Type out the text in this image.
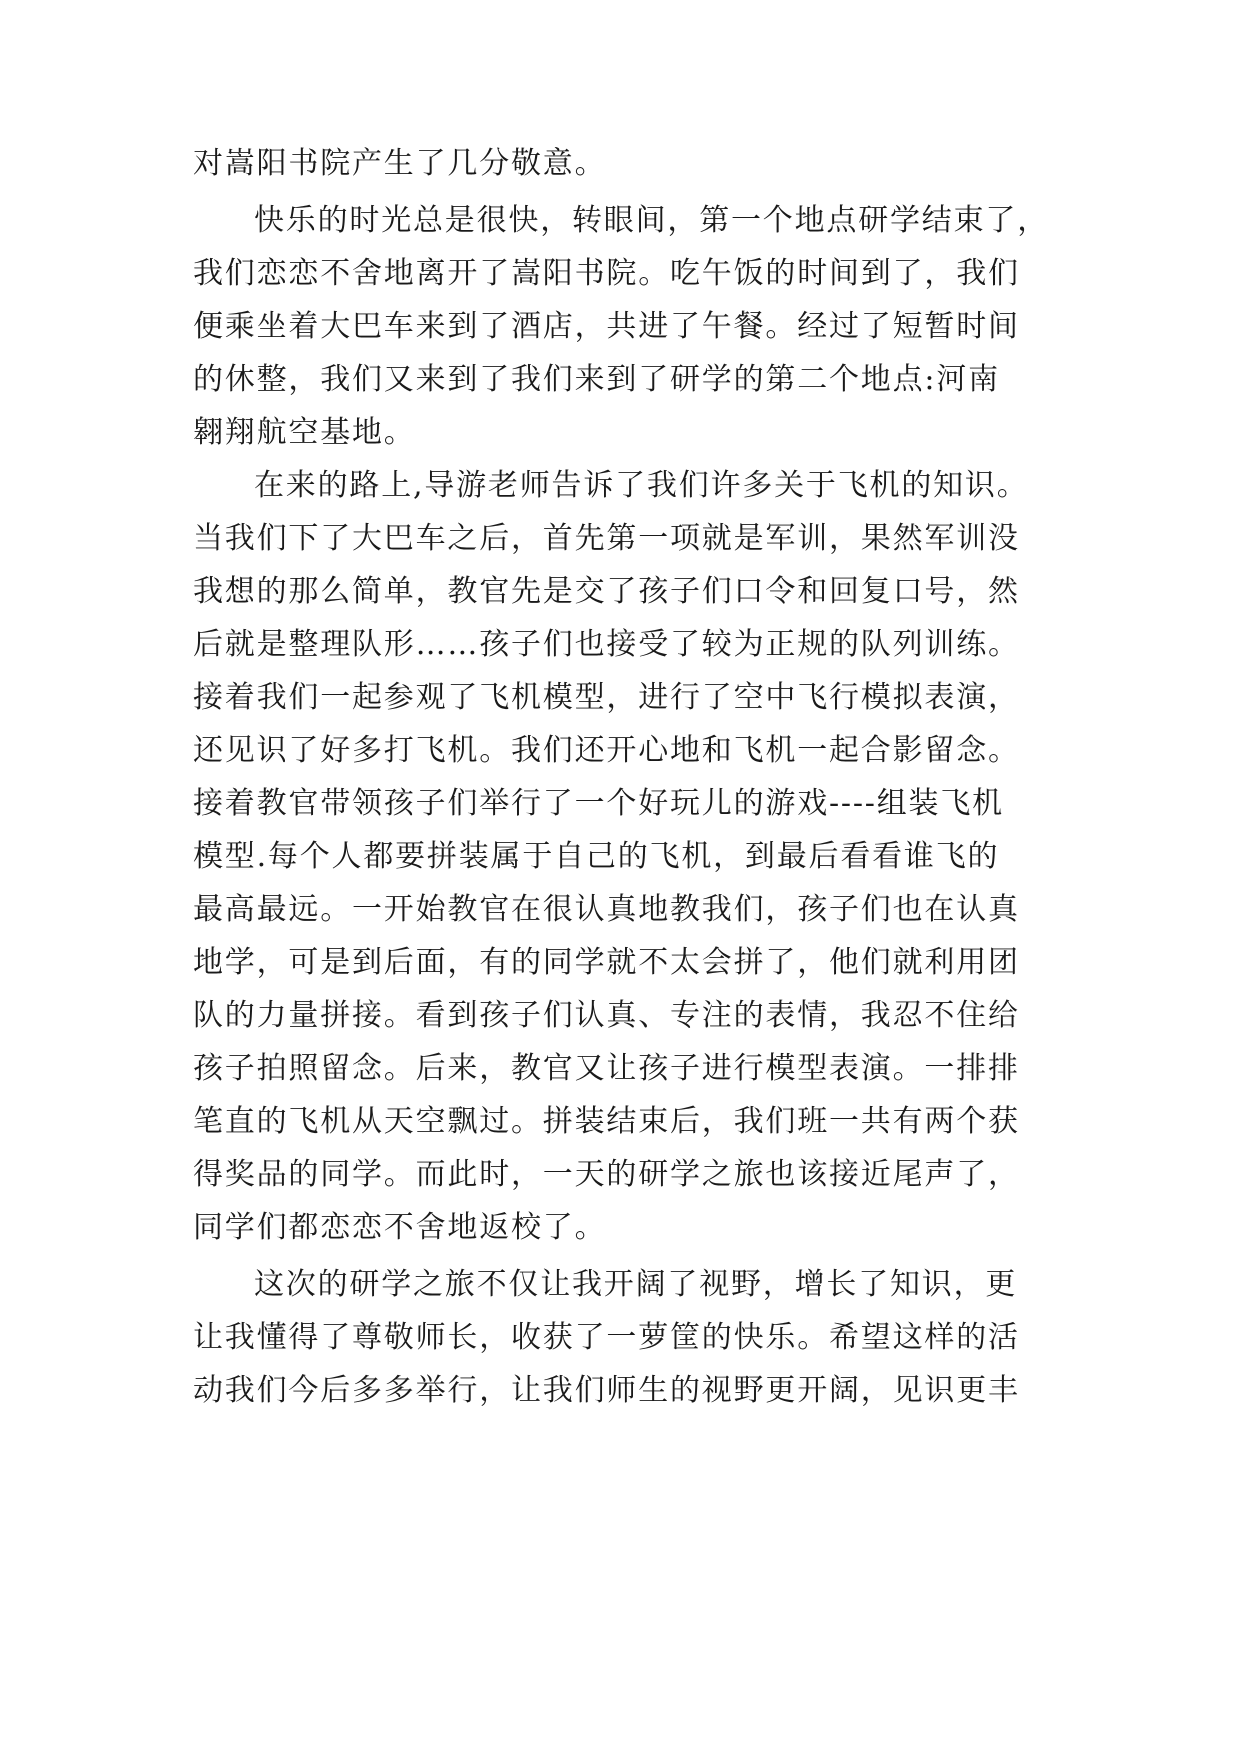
对嵩阳书院产生了几分敬意。
快乐的时光总是很快，转眼间，第一个地点研学结束了，
我们恋恋不舍地离开了嵩阳书院。吃午饭的时间到了，我们
便乘坐着大巴车来到了酒店，共进了午餐。经过了短暂时间
的休整，我们又来到了我们来到了研学的第二个地点:河南
翱翔航空基地。
在来的路上,导游老师告诉了我们许多关于飞机的知识。
当我们下了大巴车之后，首先第一项就是军训，果然军训没
我想的那么简单，教官先是交了孩子们口令和回复口号，然
后就是整理队形……孩子们也接受了较为正规的队列训练。
接着我们一起参观了飞机模型，进行了空中飞行模拟表演，
还见识了好多打飞机。我们还开心地和飞机一起合影留念。
接着教官带领孩子们举行了一个好玩儿的游戏----组装飞机
模型.每个人都要拼装属于自己的飞机，到最后看看谁飞的
最高最远。一开始教官在很认真地教我们，孩子们也在认真
地学，可是到后面，有的同学就不太会拼了，他们就利用团
队的力量拼接。看到孩子们认真、专注的表情，我忍不住给
孩子拍照留念。后来，教官又让孩子进行模型表演。一排排
笔直的飞机从天空飘过。拼装结束后，我们班一共有两个获
得奖品的同学。而此时，一天的研学之旅也该接近尾声了，
同学们都恋恋不舍地返校了。
这次的研学之旅不仅让我开阔了视野，增长了知识，更
让我懂得了尊敬师长，收获了一萝筐的快乐。希望这样的活
动我们今后多多举行，让我们师生的视野更开阔，见识更丰
